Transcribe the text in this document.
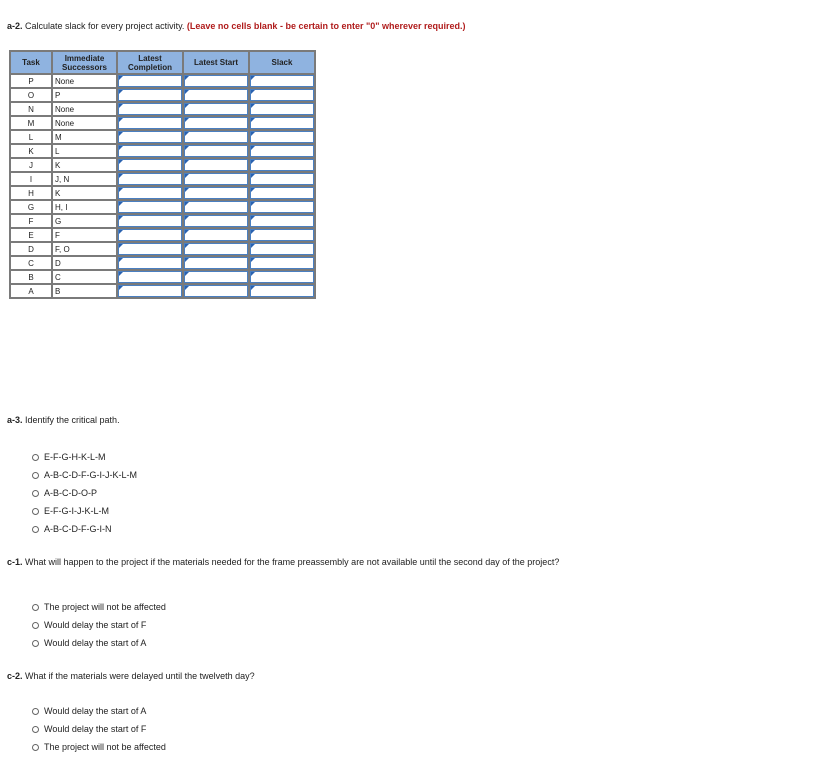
a-2. Calculate slack for every project activity. (Leave no cells blank - be certain to enter "0" wherever required.)
Task	Immediate Successors	Latest Completion	Latest Start	Slack
P	None	

O	P	

N	None	

M	None	

L	M	

K	L	

J	K	

I	J, N	

H	K	

G	H, I	

F	G	

E	F	

D	F, O	

C	D	

B	C	

A	B	

a-3. Identify the critical path.
E-F-G-H-K-L-M
A-B-C-D-F-G-I-J-K-L-M
A-B-C-D-O-P
E-F-G-I-J-K-L-M
A-B-C-D-F-G-I-N
c-1. What will happen to the project if the materials needed for the frame preassembly are not available until the second day of the project?
The project will not be affected
Would delay the start of F
Would delay the start of A
c-2. What if the materials were delayed until the twelveth day?
Would delay the start of A
Would delay the start of F
The project will not be affected
